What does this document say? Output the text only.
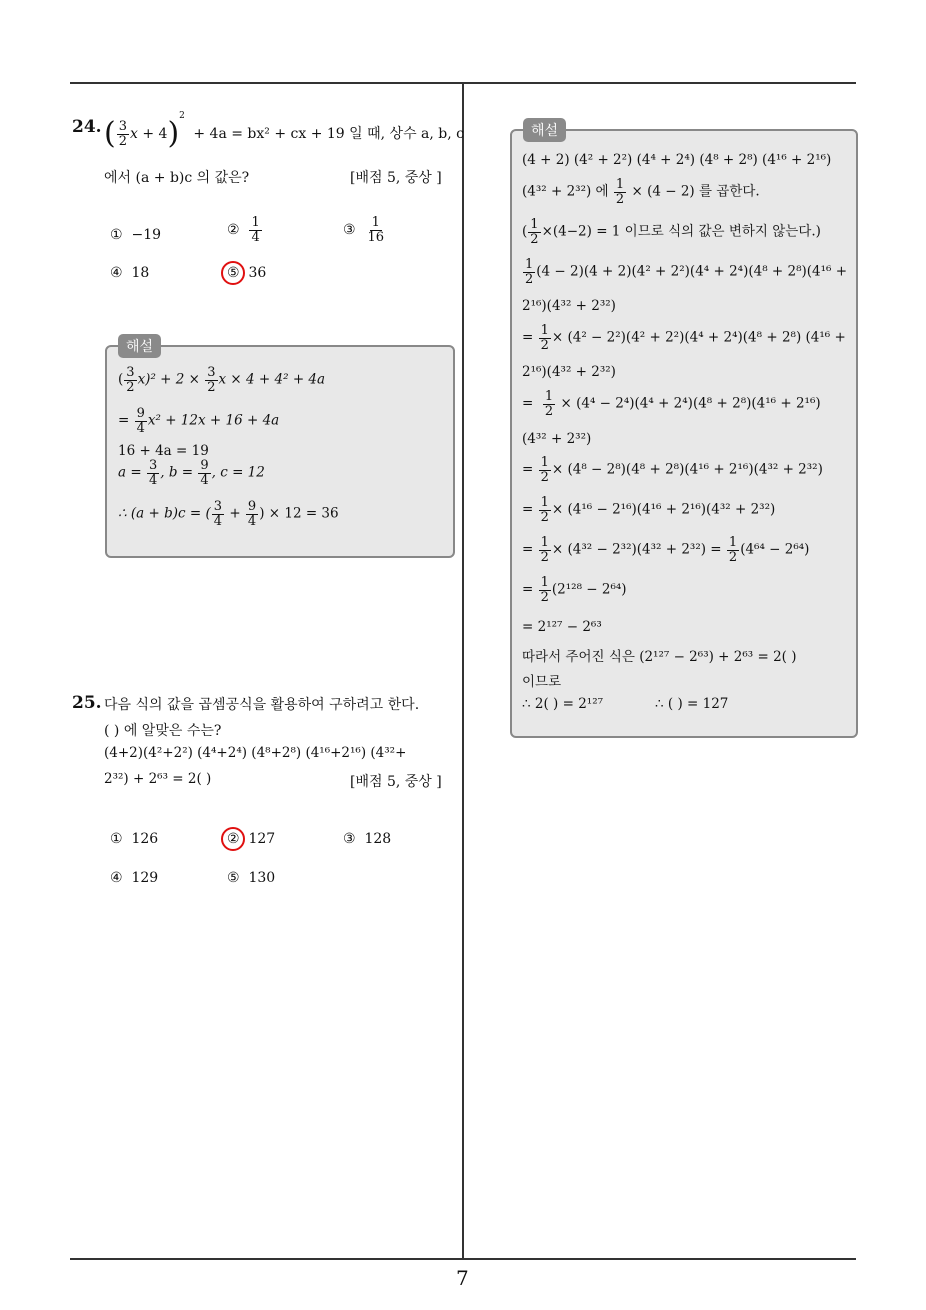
7
24. ( $\frac{3}{2}$ x + 4)$^2$ + 4a = bx² + cx + 19 일 때, 상수 a, b, c
에서 (a + b)c 의 값은?	[배점 5, 중상 ]
① −19	② $\frac{1}{4}$	③ $\frac{1}{16}$
④ 18	⑤ 36
해설
( $\frac{3}{2} x)^2 + 2 \times \frac{3}{2}$ x × 4 + 4² + 4a
= $\frac{9}{4} x^2 + 12x + 16 + 4a$
16 + 4a = 19
$a = \frac{3}{4}$ , $b = \frac{9}{4}$ , c = 12
∴ (a + b)c = ( $\frac{3}{4} + \frac{9}{4}$ ) × 12 = 36
25. 다음 식의 값을 곱셈공식을 활용하여 구하려고 한다.
( ) 에 알맞은 수는?
(4+2)(4²+2²) (4⁴+2⁴) (4⁸+2⁸) (4¹⁶+2¹⁶) (4³²+
2³²) + 2⁶³ = 2( )	[배점 5, 중상 ]
① 126	② 127	③ 128
④ 129	⑤ 130
해설
(4 + 2) (4² + 2²) (4⁴ + 2⁴) (4⁸ + 2⁸) (4¹⁶ + 2¹⁶)
(4³² + 2³²) 에 $\frac{1}{2} \times (4 - 2)$ 를 곱한다.
( $\frac{1}{2} \times(4-2) = 1$ 이므로 식의 값은 변하지 않는다.)
$\frac{1}{2} (4 - 2)(4 + 2)(4^2 + 2^2)(4^4 + 2^4)(4^8 + 2^8)(4^{16}$ +
2¹⁶)(4³² + 2³²)
= $\frac{1}{2} \times (4^2 - 2^2)(4^2 + 2^2)(4^4 + 2^4)(4^8 + 2^8) (4^{16}$ +
2¹⁶)(4³² + 2³²)
= $\frac{1}{2} \times (4^4 - 2^4)(4^4 + 2^4)(4^8 + 2^8)(4^{16} + 2^{16})$
(4³² + 2³²)
= $\frac{1}{2} \times (4^8 - 2^8)(4^8 + 2^8)(4^{16} + 2^{16})(4^{32} + 2^{32})$
= $\frac{1}{2} \times (4^{16} - 2^{16})(4^{16} + 2^{16})(4^{32} + 2^{32})$
= $\frac{1}{2} \times (4^{32} - 2^{32})(4^{32} + 2^{32}) = \frac{1}{2} (4^{64} - 2^{64})$
= $\frac{1}{2} (2^{128} - 2^{64})$
= 2¹²⁷ − 2⁶³
따라서 주어진 식은 (2¹²⁷ − 2⁶³) + 2⁶³ = 2( )
이므로
∴ 2( ) = 2¹²⁷	∴ ( ) = 127
